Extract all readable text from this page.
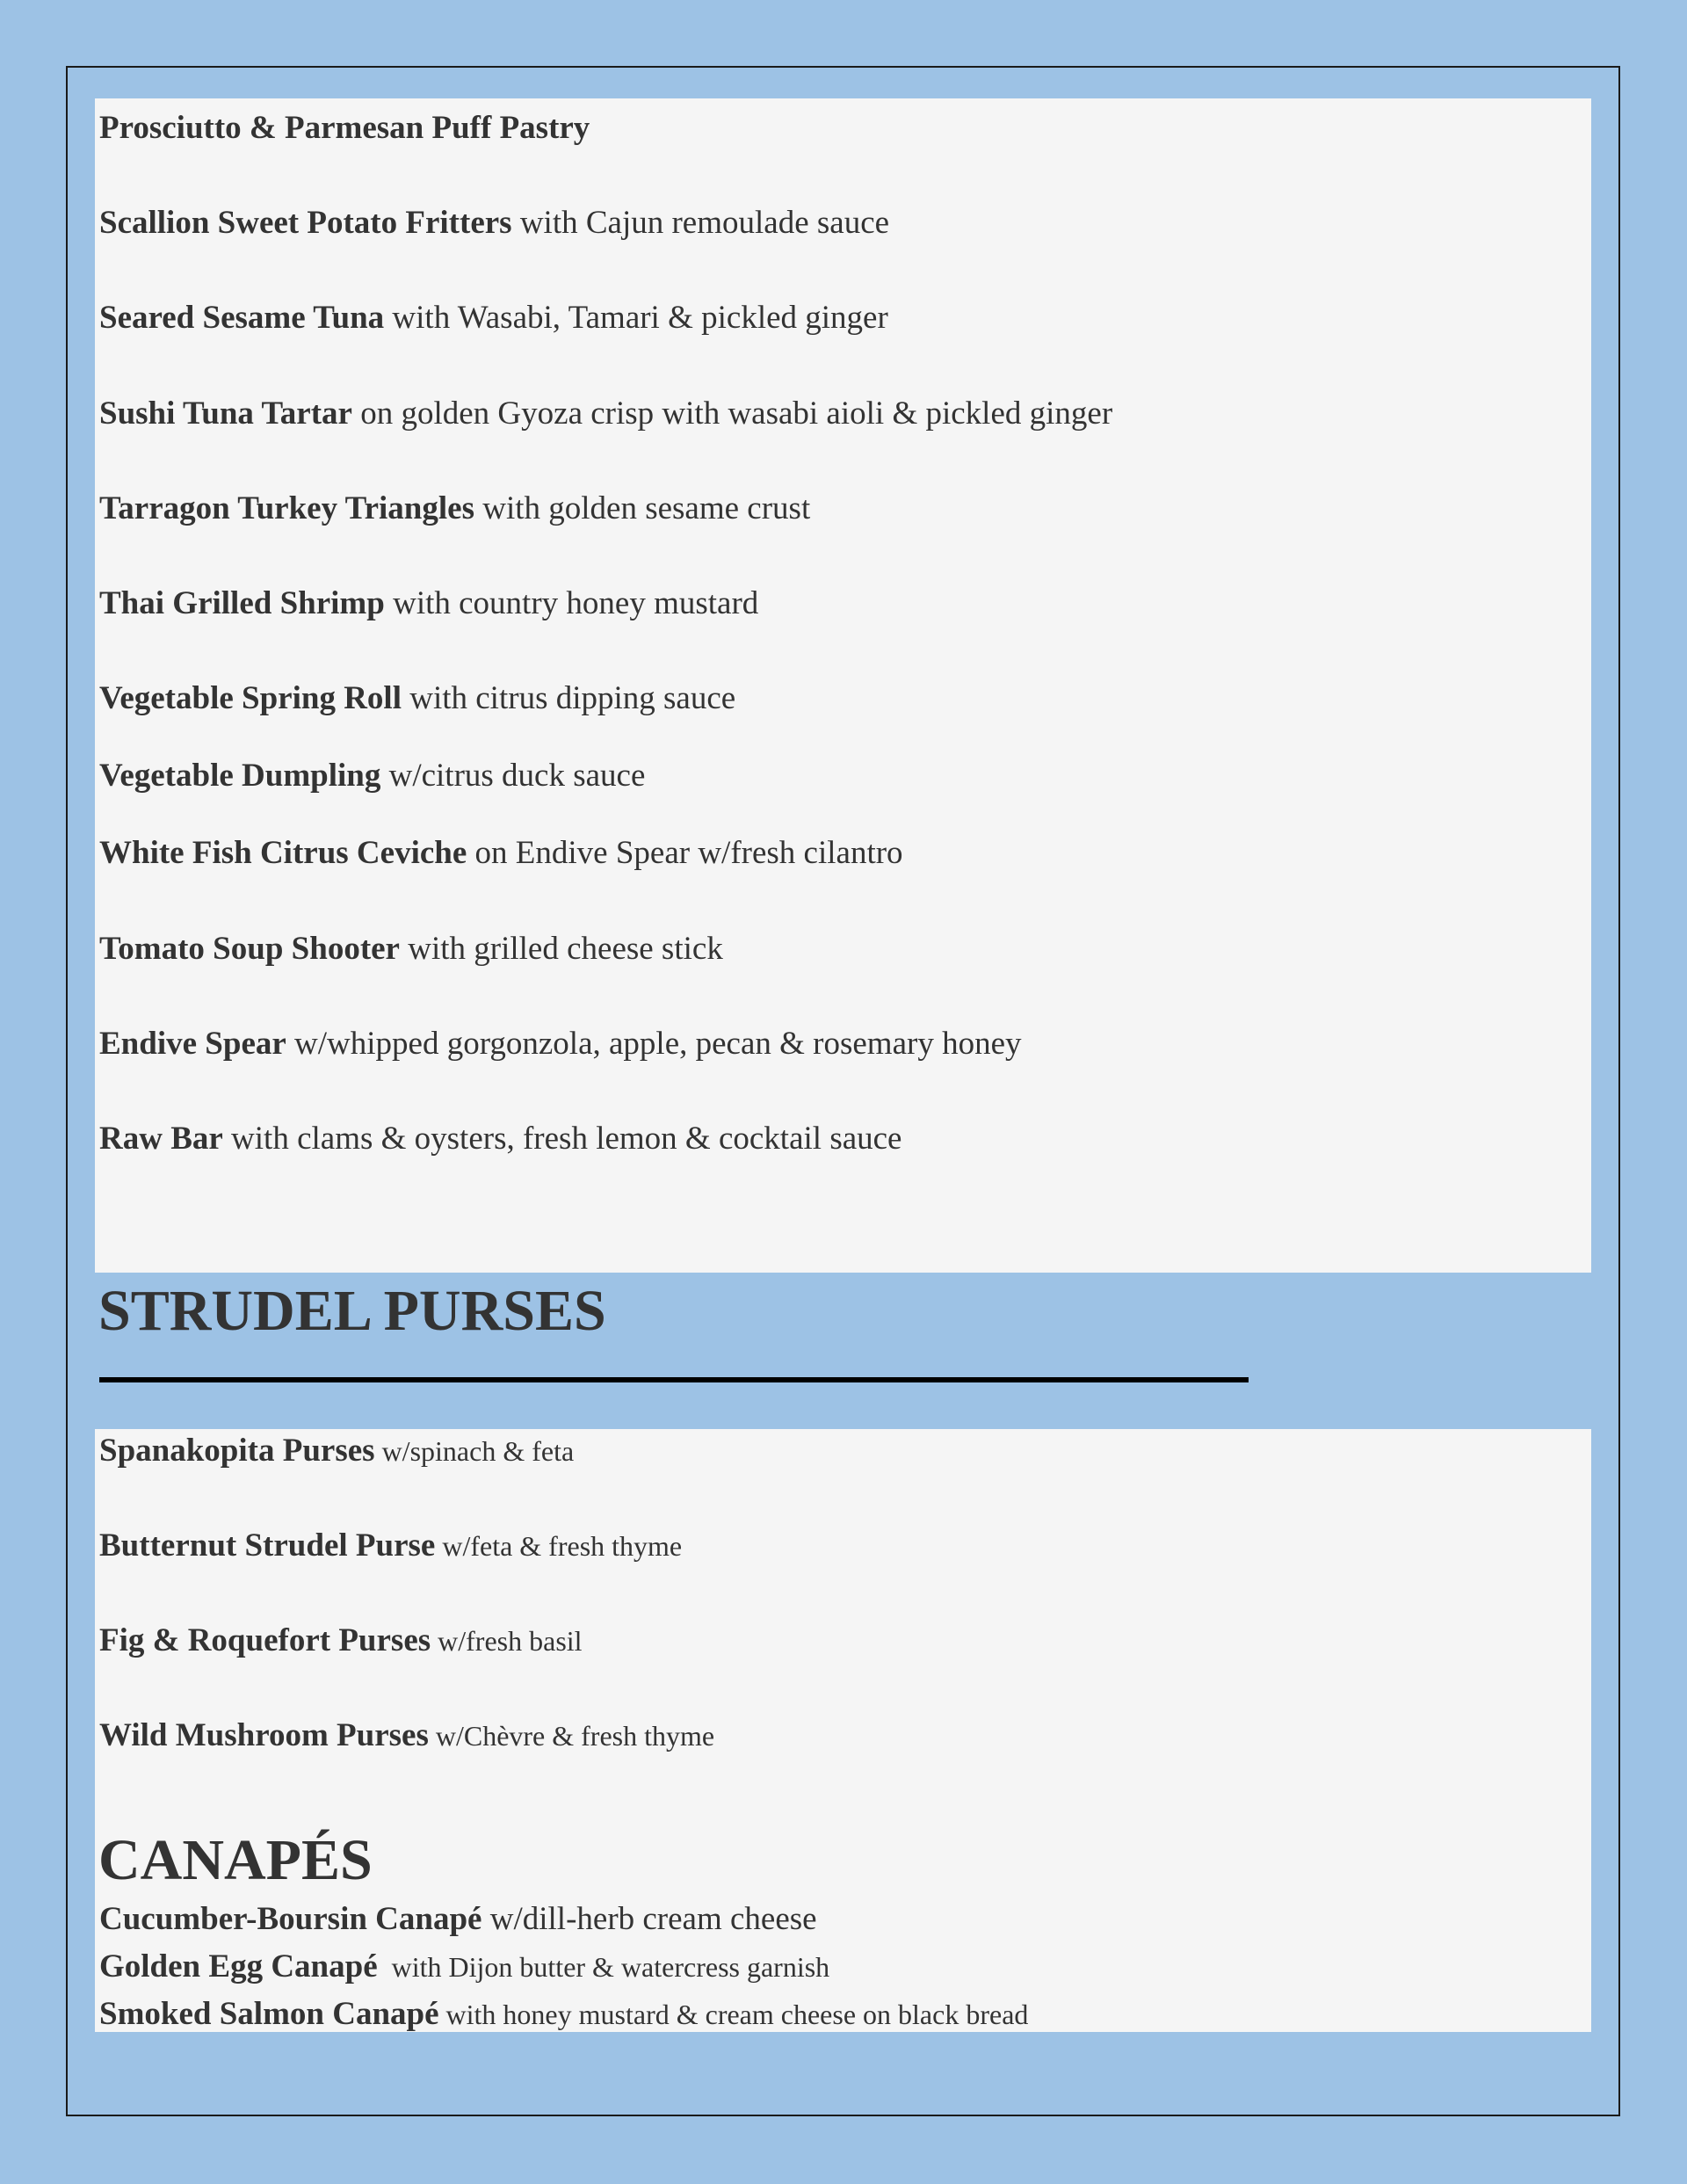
Prosciutto & Parmesan Puff Pastry
Scallion Sweet Potato Fritters with Cajun remoulade sauce
Seared Sesame Tuna with Wasabi, Tamari & pickled ginger
Sushi Tuna Tartar on golden Gyoza crisp with wasabi aioli & pickled ginger
Tarragon Turkey Triangles with golden sesame crust
Thai Grilled Shrimp with country honey mustard
Vegetable Spring Roll with citrus dipping sauce
Vegetable Dumpling w/citrus duck sauce
White Fish Citrus Ceviche on Endive Spear w/fresh cilantro
Tomato Soup Shooter with grilled cheese stick
Endive Spear w/whipped gorgonzola, apple, pecan & rosemary honey
Raw Bar with clams & oysters, fresh lemon & cocktail sauce
STRUDEL PURSES
Spanakopita Purses w/spinach & feta
Butternut Strudel Purse w/feta & fresh thyme
Fig & Roquefort Purses w/fresh basil
Wild Mushroom Purses w/Chèvre & fresh thyme
CANAPÉS
Cucumber-Boursin Canapé w/dill-herb cream cheese
Golden Egg Canapé  with Dijon butter & watercress garnish
Smoked Salmon Canapé with honey mustard & cream cheese on black bread
